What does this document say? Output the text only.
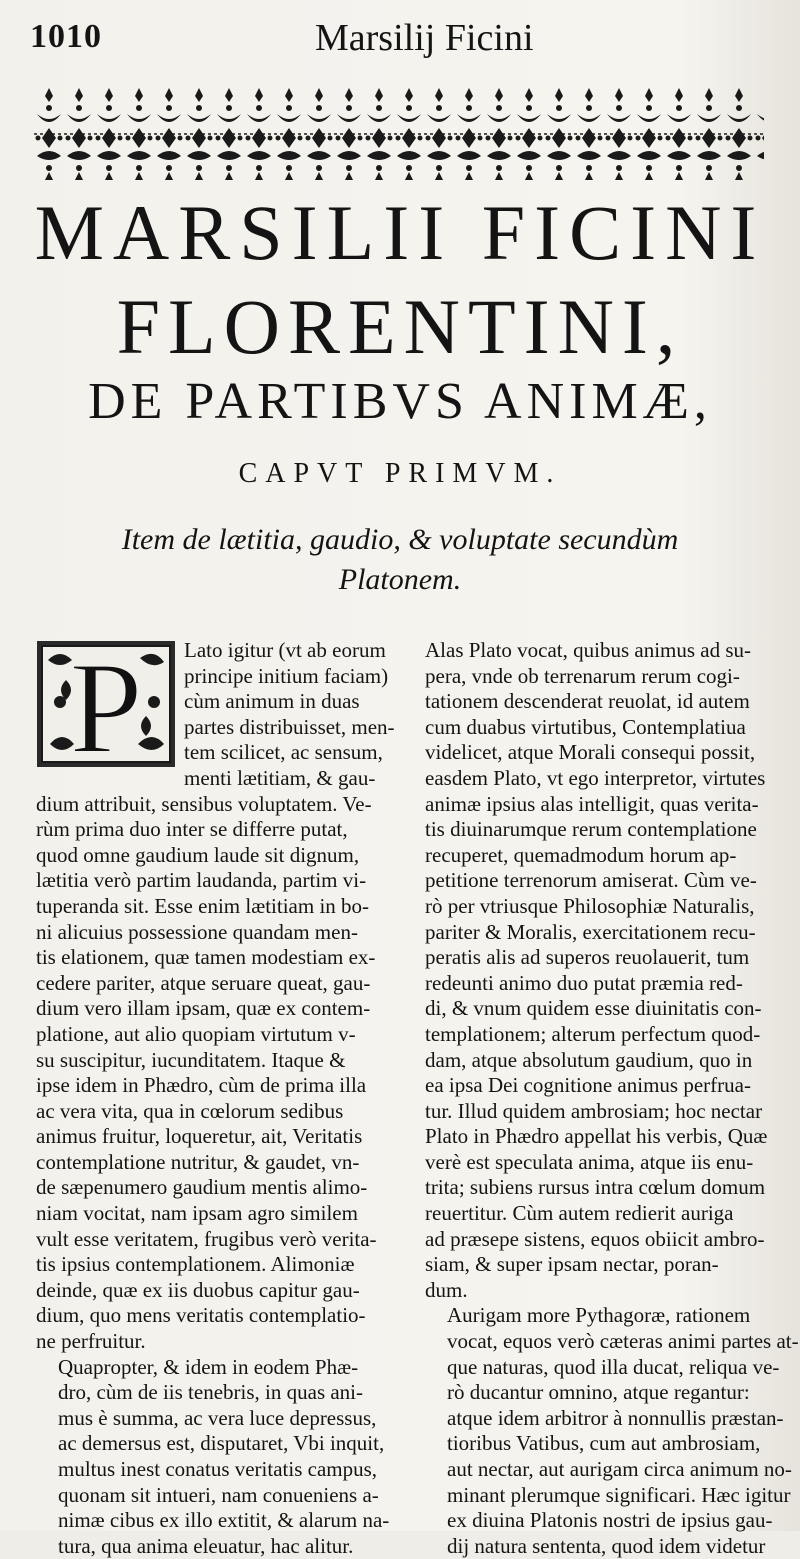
1010	Marsilij Ficini
MARSILII FICINI
FLORENTINI,
DE PARTIBVS ANIMÆ,
CAPVT PRIMVM.
Item de lætitia, gaudio, & voluptate secundùm
Platonem.
P	Lato igitur (vt ab eorum
principe initium faciam)
cùm animum in duas
partes distribuisset, men-
tem scilicet, ac sensum,
menti lætitiam, & gau-
dium attribuit, sensibus voluptatem. Ve-
rùm prima duo inter se differre putat,
quod omne gaudium laude sit dignum,
lætitia verò partim laudanda, partim vi-
tuperanda sit. Esse enim lætitiam in bo-
ni alicuius possessione quandam men-
tis elationem, quæ tamen modestiam ex-
cedere pariter, atque seruare queat, gau-
dium vero illam ipsam, quæ ex contem-
platione, aut alio quopiam virtutum v-
su suscipitur, iucunditatem. Itaque &
ipse idem in Phædro, cùm de prima illa
ac vera vita, qua in cœlorum sedibus
animus fruitur, loqueretur, ait, Veritatis
contemplatione nutritur, & gaudet, vn-
de sæpenumero gaudium mentis alimo-
niam vocitat, nam ipsam agro similem
vult esse veritatem, frugibus verò verita-
tis ipsius contemplationem. Alimoniæ
deinde, quæ ex iis duobus capitur gau-
dium, quo mens veritatis contemplatio-
ne perfruitur.

Quapropter, & idem in eodem Phæ-
dro, cùm de iis tenebris, in quas ani-
mus è summa, ac vera luce depressus,
ac demersus est, disputaret, Vbi inquit,
multus inest conatus veritatis campus,
quonam sit intueri, nam conueniens a-
nimæ cibus ex illo extitit, & alarum na-
tura, qua anima eleuatur, hac alitur.

Alas Plato vocat, quibus animus ad su-
pera, vnde ob terrenarum rerum cogi-
tationem descenderat reuolat, id autem
cum duabus virtutibus, Contemplatiua
videlicet, atque Morali consequi possit,
easdem Plato, vt ego interpretor, virtutes
animæ ipsius alas intelligit, quas verita-
tis diuinarumque rerum contemplatione
recuperet, quemadmodum horum ap-
petitione terrenorum amiserat. Cùm ve-
rò per vtriusque Philosophiæ Naturalis,
pariter & Moralis, exercitationem recu-
peratis alis ad superos reuolauerit, tum
redeunti animo duo putat præmia red-
di, & vnum quidem esse diuinitatis con-
templationem; alterum perfectum quod-
dam, atque absolutum gaudium, quo in
ea ipsa Dei cognitione animus perfrua-
tur. Illud quidem ambrosiam; hoc nectar
Plato in Phædro appellat his verbis, Quæ
verè est speculata anima, atque iis enu-
trita; subiens rursus intra cœlum domum
reuertitur. Cùm autem redierit auriga
ad præsepe sistens, equos obiicit ambro-
siam, & super ipsam nectar, poran-
dum.

Aurigam more Pythagoræ, rationem
vocat, equos verò cæteras animi partes at-
que naturas, quod illa ducat, reliqua ve-
rò ducantur omnino, atque regantur:
atque idem arbitror à nonnullis præstan-
tioribus Vatibus, cum aut ambrosiam,
aut nectar, aut aurigam circa animum no-
minant plerumque significari. Hæc igitur
ex diuina Platonis nostri de ipsius gau-
dij natura sententa, quod idem videtur
